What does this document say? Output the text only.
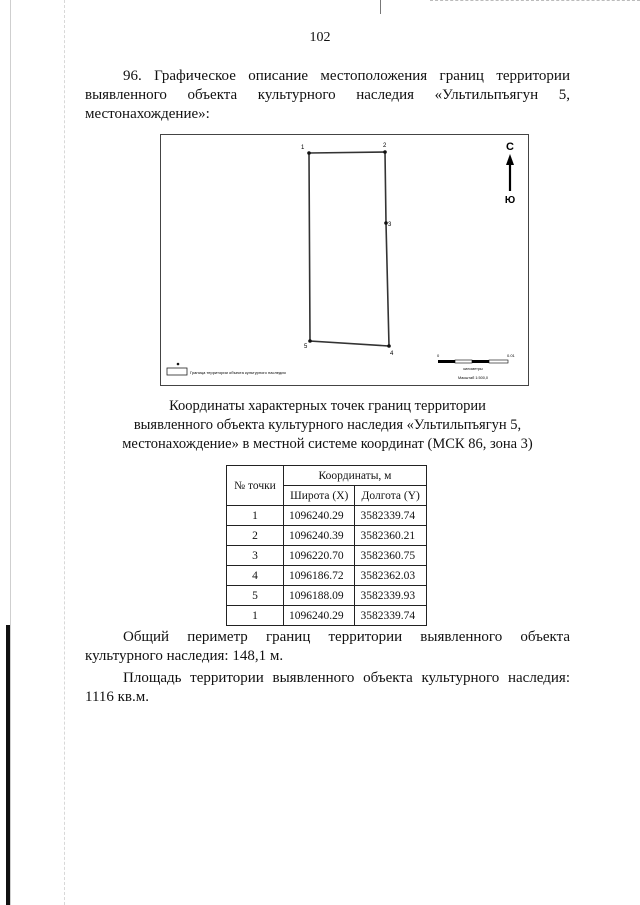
102
96. Графическое описание местоположения границ территории выявленного объекта культурного наследия «Ультильпъягун 5, местонахождение»:
1	2
3
4
5
С
Ю
Граница территории объекта культурного наследия
0	0.01
километры
Масштаб 1:500,0
Координаты характерных точек границ территории
выявленного объекта культурного наследия «Ультильпъягун 5,
местонахождение» в местной системе координат (МСК 86, зона 3)
№ точки	Координаты, м	
	Широта (X)	Долгота (Y)
1	1096240.29	3582339.74
2	1096240.39	3582360.21
3	1096220.70	3582360.75
4	1096186.72	3582362.03
5	1096188.09	3582339.93
1	1096240.29	3582339.74
Общий периметр границ территории выявленного объекта культурного наследия: 148,1 м.
Площадь территории выявленного объекта культурного наследия: 1116 кв.м.
